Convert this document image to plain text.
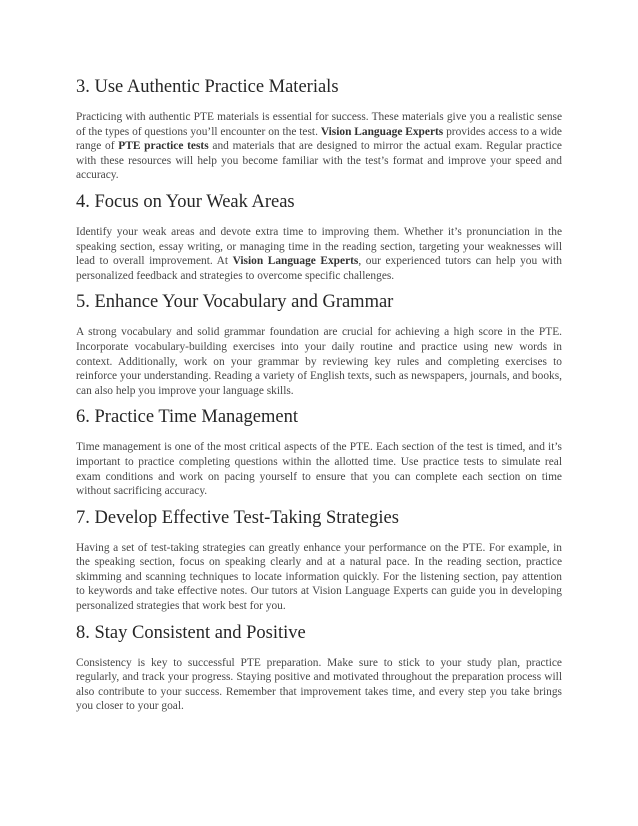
3. Use Authentic Practice Materials

Practicing with authentic PTE materials is essential for success. These materials give you a realistic sense of the types of questions you’ll encounter on the test. Vision Language Experts provides access to a wide range of PTE practice tests and materials that are designed to mirror the actual exam. Regular practice with these resources will help you become familiar with the test’s format and improve your speed and accuracy.

4. Focus on Your Weak Areas

Identify your weak areas and devote extra time to improving them. Whether it’s pronunciation in the speaking section, essay writing, or managing time in the reading section, targeting your weaknesses will lead to overall improvement. At Vision Language Experts, our experienced tutors can help you with personalized feedback and strategies to overcome specific challenges.

5. Enhance Your Vocabulary and Grammar

A strong vocabulary and solid grammar foundation are crucial for achieving a high score in the PTE. Incorporate vocabulary-building exercises into your daily routine and practice using new words in context. Additionally, work on your grammar by reviewing key rules and completing exercises to reinforce your understanding. Reading a variety of English texts, such as newspapers, journals, and books, can also help you improve your language skills.

6. Practice Time Management

Time management is one of the most critical aspects of the PTE. Each section of the test is timed, and it’s important to practice completing questions within the allotted time. Use practice tests to simulate real exam conditions and work on pacing yourself to ensure that you can complete each section on time without sacrificing accuracy.

7. Develop Effective Test-Taking Strategies

Having a set of test-taking strategies can greatly enhance your performance on the PTE. For example, in the speaking section, focus on speaking clearly and at a natural pace. In the reading section, practice skimming and scanning techniques to locate information quickly. For the listening section, pay attention to keywords and take effective notes. Our tutors at Vision Language Experts can guide you in developing personalized strategies that work best for you.

8. Stay Consistent and Positive

Consistency is key to successful PTE preparation. Make sure to stick to your study plan, practice regularly, and track your progress. Staying positive and motivated throughout the preparation process will also contribute to your success. Remember that improvement takes time, and every step you take brings you closer to your goal.
